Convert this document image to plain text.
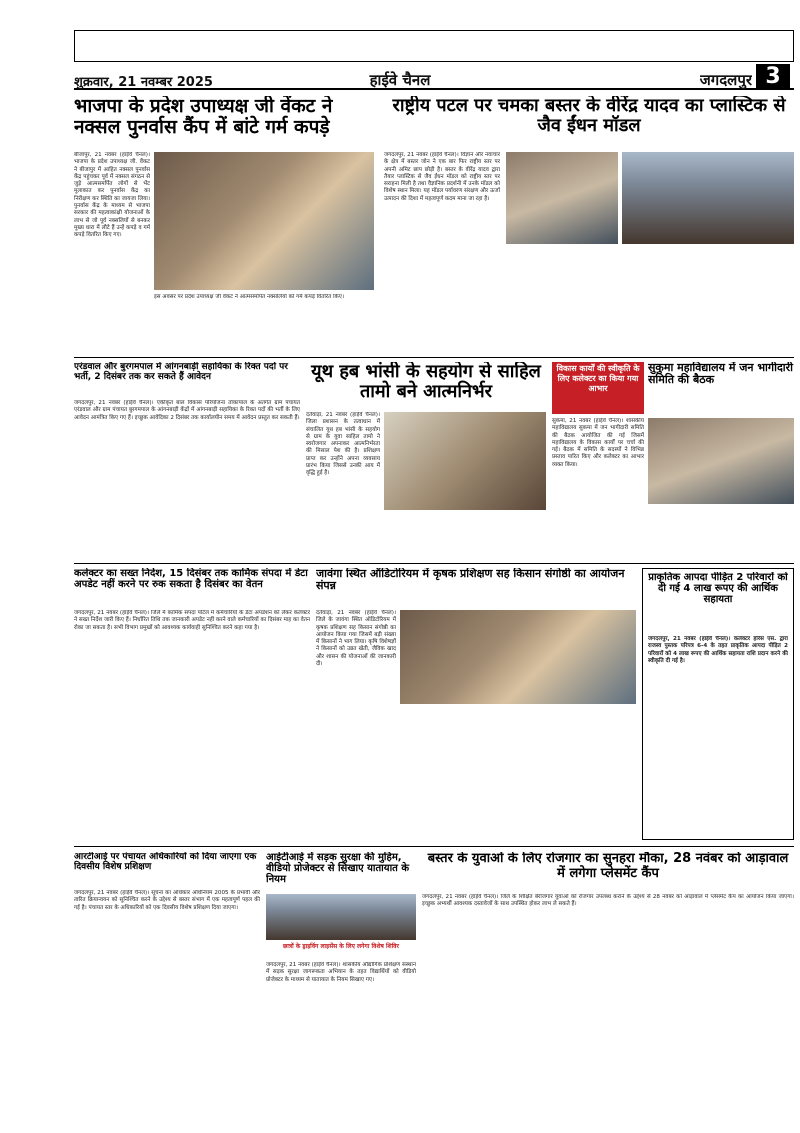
शुक्रवार, 21 नवम्बर 2025	हाईवे चैनल	जगदलपुर 3
भाजपा के प्रदेश उपाध्यक्ष जी वेंकट ने नक्सल पुनर्वास कैंप में बांटे गर्म कपड़े
बीजापुर, 21 नवंबर (हाईवे चैनल)। भाजपा के प्रदेश उपाध्यक्ष जी. वेंकट ने बीजापुर में आहित नक्सल पुनर्वास केंद्र पहुंचकर पूर्व में नक्सल संगठन से जुड़े आत्मसमर्पित लोगों से भेंट मुलाकात कर पुनर्वास केंद्र का निरीक्षण कर स्थिति का जायजा लिया। पुनर्वास केंद्र के माध्यम से भाजपा सरकार की महत्वाकांक्षी योजनाओं के लाभ से जो पूर्व नक्सलियों से बनकर मुख्य धारा में लौटे हैं उन्हें कपड़े व गर्म कपड़े वितरित किए गए।
इस अवसर पर प्रदेश उपाध्यक्ष जी वेंकट ने आत्मसमर्पित नक्सलियों को गर्म कपड़े वितरित किए।
राष्ट्रीय पटल पर चमका बस्तर के वीरेंद्र यादव का प्लास्टिक से जैव ईंधन मॉडल
जगदलपुर, 21 नवंबर (हाईवे चैनल)। विज्ञान और नवाचार के क्षेत्र में बस्तर जोन ने एक बार फिर राष्ट्रीय स्तर पर अपनी अमिट छाप छोड़ी है। बस्तर के वीरेंद्र यादव द्वारा तैयार प्लास्टिक से जैव ईंधन मॉडल को राष्ट्रीय स्तर पर सराहना मिली है तथा वैज्ञानिक प्रदर्शनी में उनके मॉडल को विशेष स्थान मिला। यह मॉडल पर्यावरण संरक्षण और ऊर्जा उत्पादन की दिशा में महत्वपूर्ण कदम माना जा रहा है।
एरंडवाल और बुरगमपाल में आंगनबाड़ी सहायिका के रिक्त पदों पर भर्ती, 2 दिसंबर तक कर सकते हैं आवेदन
जगदलपुर, 21 नवंबर (हाईवे चैनल)। एकीकृत बाल विकास परियोजना तोकापाल के अंतर्गत ग्राम पंचायत एरंडवाल और ग्राम पंचायत बुरगमपाल के आंगनबाड़ी केंद्रों में आंगनबाड़ी सहायिका के रिक्त पदों की भर्ती के लिए आवेदन आमंत्रित किए गए हैं। इच्छुक आवेदिका 2 दिसंबर तक कार्यालयीन समय में आवेदन प्रस्तुत कर सकती हैं।
यूथ हब भांसी के सहयोग से साहिल तामो बने आत्मनिर्भर
दंतेवाड़ा, 21 नवंबर (हाईवे चैनल)। जिला प्रशासन के तत्वाधान में संचालित यूथ हब भांसी के सहयोग से ग्राम के युवा साहिल तामो ने स्वरोजगार अपनाकर आत्मनिर्भरता की मिसाल पेश की है। प्रशिक्षण प्राप्त कर उन्होंने अपना व्यवसाय प्रारंभ किया जिससे उनकी आय में वृद्धि हुई है।
विकास कार्यों की स्वीकृति के लिए कलेक्टर का किया गया आभार
सुकुमा महाविद्यालय में जन भागीदारी समिति की बैठक
सुकमा, 21 नवंबर (हाईवे चैनल)। शासकीय महाविद्यालय सुकमा में जन भागीदारी समिति की बैठक आयोजित की गई जिसमें महाविद्यालय के विकास कार्यों पर चर्चा की गई। बैठक में समिति के सदस्यों ने विभिन्न प्रस्ताव पारित किए और कलेक्टर का आभार व्यक्त किया।
कलेक्टर का सख्त निर्देश, 15 दिसंबर तक कार्मिक संपदा में डेटा अपडेट नहीं करने पर रुक सकता है दिसंबर का वेतन
जगदलपुर, 21 नवंबर (हाईवे चैनल)। जिले में कार्मिक संपदा पोर्टल में कर्मचारियों के डेटा अपडेशन को लेकर कलेक्टर ने सख्त निर्देश जारी किए हैं। निर्धारित तिथि तक जानकारी अपडेट नहीं करने वाले कर्मचारियों का दिसंबर माह का वेतन रोका जा सकता है। सभी विभाग प्रमुखों को आवश्यक कार्यवाही सुनिश्चित करने कहा गया है।
जावंगा स्थित ऑडिटोरियम में कृषक प्रशिक्षण सह किसान संगोष्ठी का आयोजन संपन्न
दंतेवाड़ा, 21 नवंबर (हाईवे चैनल)। जिले के जावंगा स्थित ऑडिटोरियम में कृषक प्रशिक्षण सह किसान संगोष्ठी का आयोजन किया गया जिसमें बड़ी संख्या में किसानों ने भाग लिया। कृषि विशेषज्ञों ने किसानों को उन्नत खेती, जैविक खाद और शासन की योजनाओं की जानकारी दी।
प्राकृतिक आपदा पीड़ित 2 परिवारों को दी गई 4 लाख रूपए की आर्थिक सहायता
जगदलपुर, 21 नवंबर (हाईवे चैनल)। कलेक्टर हरिस एस. द्वारा राजस्व पुस्तक परिपत्र 6-4 के तहत प्राकृतिक आपदा पीड़ित 2 परिवारों को 4 लाख रूपए की आर्थिक सहायता राशि प्रदान करने की स्वीकृति दी गई है।
आरटीआई पर पंचायत अधिकारियों को दिया जाएगा एक दिवसीय विशेष प्रशिक्षण
जगदलपुर, 21 नवंबर (हाईवे चैनल)। सूचना का अधिकार अधिनियम 2005 के प्रभावी और त्वरित क्रियान्वयन को सुनिश्चित करने के उद्देश्य से बस्तर संभाग में एक महत्वपूर्ण पहल की गई है। पंचायत स्तर के अधिकारियों को एक दिवसीय विशेष प्रशिक्षण दिया जाएगा।
आईटीआई में सड़क सुरक्षा की मुहिम, वीडियो प्रोजेक्टर से सिखाए यातायात के नियम
छात्रों के ड्राइविंग लाइसेंस के लिए लगेगा विशेष शिविर
जगदलपुर, 21 नवंबर (हाईवे चैनल)। शासकीय औद्योगिक प्रशिक्षण संस्थान में सड़क सुरक्षा जागरूकता अभियान के तहत विद्यार्थियों को वीडियो प्रोजेक्टर के माध्यम से यातायात के नियम सिखाए गए।
बस्तर के युवाओं के लिए रोजगार का सुनहरा मौका, 28 नवंबर को आड़ावाल में लगेगा प्लेसमेंट कैंप
जगदलपुर, 21 नवंबर (हाईवे चैनल)। जिले के शिक्षित बेरोजगार युवाओं को रोजगार उपलब्ध कराने के उद्देश्य से 28 नवंबर को आड़ावाल में प्लेसमेंट कैंप का आयोजन किया जाएगा। इच्छुक अभ्यर्थी आवश्यक दस्तावेजों के साथ उपस्थित होकर लाभ ले सकते हैं।
